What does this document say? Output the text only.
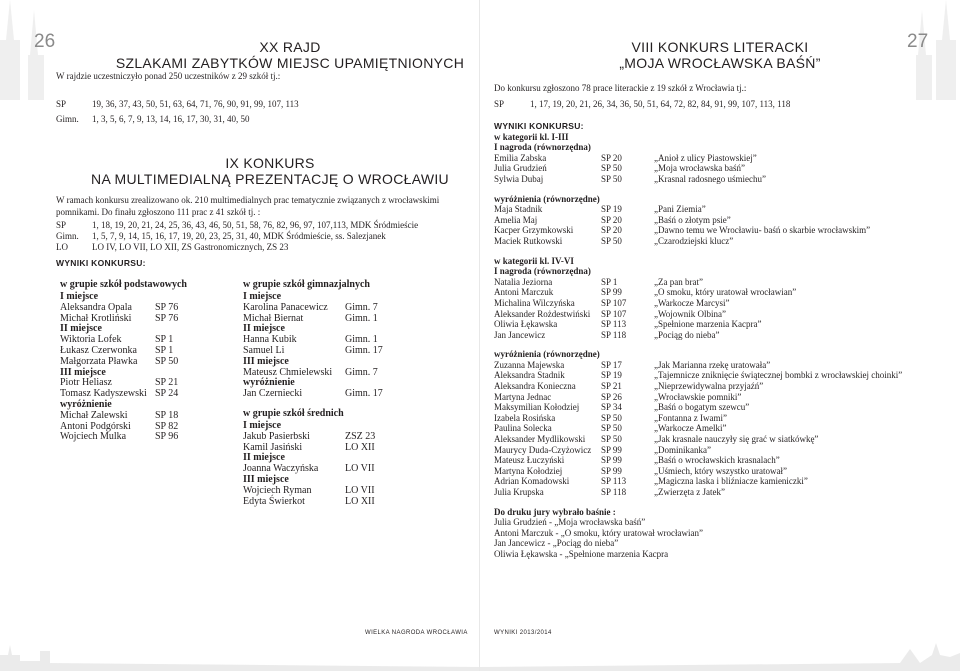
26	XX RAJD
SZLAKAMI ZABYTKÓW MIEJSC UPAMIĘTNIONYCH
W rajdzie uczestniczyło ponad 250 uczestników z 29 szkół tj.:
SP	19, 36, 37, 43, 50, 51, 63, 64, 71, 76, 90, 91, 99, 107, 113
Gimn. 1, 3, 5, 6, 7, 9, 13, 14, 16, 17, 30, 31, 40, 50
IX KONKURS
NA MULTIMEDIALNĄ PREZENTACJĘ O WROCŁAWIU
W ramach konkursu zrealizowano ok. 210 multimedialnych prac tematycznie związanych z wrocławskimi
pomnikami. Do finału zgłoszono 111 prac z 41 szkół tj. :
SP	1, 18, 19, 20, 21, 24, 25, 36, 43, 46, 50, 51, 58, 76, 82, 96, 97, 107,113, MDK Śródmieście
Gimn. 1, 5, 7, 9, 14, 15, 16, 17, 19, 20, 23, 25, 31, 40, MDK Śródmieście, ss. Salezjanek
LO	LO IV, LO VII, LO XII, ZS Gastronomicznych, ZS 23
WYNIKI KONKURSU:
w grupie szkół podstawowych
I miejsce
Aleksandra Opala SP 76
Michał Krotliński SP 76
II miejsce
Wiktoria Lofek	SP 1
Łukasz Czerwonka SP 1
Małgorzata Pławka SP 50
III miejsce
Piotr Heliasz	SP 21
Tomasz Kadyszewski SP 24
wyróżnienie
Michał Zalewski	SP 18
Antoni Podgórski SP 82
Wojciech Mulka	SP 96
w grupie szkół gimnazjalnych
I miejsce
Karolina Panacewicz Gimn. 7
Michał Biernat	Gimn. 1
II miejsce
Hanna Kubik	Gimn. 1
Samuel Li	Gimn. 17
III miejsce
Mateusz Chmielewski Gimn. 7
wyróżnienie
Jan Czerniecki	Gimn. 17
w grupie szkół średnich
I miejsce
Jakub Pasierbski	ZSZ 23
Kamil Jasiński	LO XII
II miejsce
Joanna Waczyńska	LO VII
III miejsce
Wojciech Ryman	LO VII
Edyta Świerkot	LO XII
WIELKA NAGRODA WROCŁAWIA
27
VIII KONKURS LITERACKI
„MOJA WROCŁAWSKA BAŚŃ”
Do konkursu zgłoszono 78 prace literackie z 19 szkół z Wrocławia tj.:
SP	1, 17, 19, 20, 21, 26, 34, 36, 50, 51, 64, 72, 82, 84, 91, 99, 107, 113, 118
WYNIKI KONKURSU:
w kategorii kl. I-III
I nagroda (równorzędna)
Emilia Zabska	SP 20	„Anioł z ulicy Piastowskiej”
Julia Grudzień	SP 50	„Moja wrocławska baśń”
Sylwia Dubaj	SP 50	„Krasnal radosnego uśmiechu”
wyróżnienia (równorzędne)
Maja Stadnik	SP 19	„Pani Ziemia”
Amelia Maj	SP 20	„Baśń o złotym psie”
Kacper Grzymkowski	SP 20	„Dawno temu we Wrocławiu- baśń o skarbie wrocławskim”
Maciek Rutkowski	SP 50	„Czarodziejski klucz”
w kategorii kl. IV-VI
I nagroda (równorzędna)
Natalia Jeziorna	SP 1	„Za pan brat”
Antoni Marczuk	SP 99	„O smoku, który uratował wrocławian”
Michalina Wilczyńska	SP 107	„Warkocze Marcysi”
Aleksander Rożdestwiński SP 107	„Wojownik Olbina”
Oliwia Łękawska	SP 113	„Spełnione marzenia Kacpra”
Jan Jancewicz	SP 118	„Pociąg do nieba”
wyróżnienia (równorzędne)
Zuzanna Majewska	SP 17	„Jak Marianna rzekę uratowała”
Aleksandra Stadnik	SP 19	„Tajemnicze zniknięcie świątecznej bombki z wrocławskiej choinki”
Aleksandra Konieczna	SP 21	„Nieprzewidywalna przyjaźń”
Martyna Jednac	SP 26	„Wrocławskie pomniki”
Maksymilian Kołodziej SP 34	„Baśń o bogatym szewcu”
Izabela Rosińska	SP 50	„Fontanna z Iwami”
Paulina Solecka	SP 50	„Warkocze Amelki”
Aleksander Mydlikowski SP 50	„Jak krasnale nauczyły się grać w siatkówkę”
Maurycy Duda-Czyżowicz SP 99	„Dominikanka”
Mateusz Łuczyński	SP 99	„Baśń o wrocławskich krasnalach”
Martyna Kołodziej	SP 99	„Uśmiech, który wszystko uratował”
Adrian Komadowski	SP 113	„Magiczna laska i bliźniacze kamieniczki”
Julia Krupska	SP 118	„Zwierzęta z Jatek”
Do druku jury wybrało baśnie :
Julia Grudzień - „Moja wrocławska baśń”
Antoni Marczuk - „O smoku, który uratował wrocławian”
Jan Jancewicz - „Pociąg do nieba”
Oliwia Łękawska - „Spełnione marzenia Kacpra
WYNIKI 2013/2014
